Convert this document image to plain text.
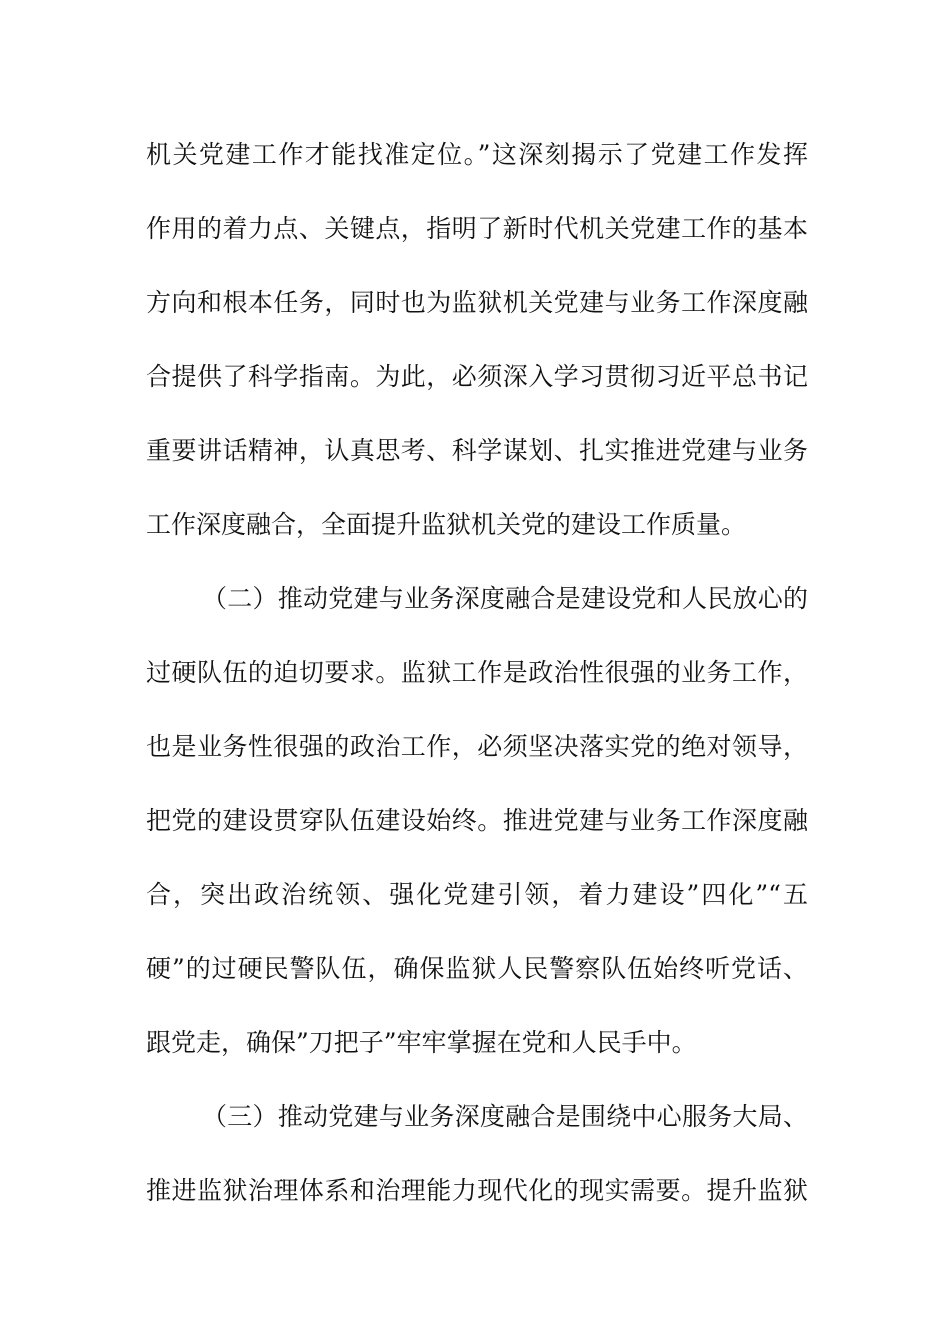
机关党建工作才能找准定位。”这深刻揭示了党建工作发挥
作用的着力点、关键点，指明了新时代机关党建工作的基本
方向和根本任务，同时也为监狱机关党建与业务工作深度融
合提供了科学指南。为此，必须深入学习贯彻习近平总书记
重要讲话精神，认真思考、科学谋划、扎实推进党建与业务
工作深度融合，全面提升监狱机关党的建设工作质量。
（二）推动党建与业务深度融合是建设党和人民放心的
过硬队伍的迫切要求。监狱工作是政治性很强的业务工作，
也是业务性很强的政治工作，必须坚决落实党的绝对领导，
把党的建设贯穿队伍建设始终。推进党建与业务工作深度融
合，突出政治统领、强化党建引领，着力建设”四化”“五
硬”的过硬民警队伍，确保监狱人民警察队伍始终听党话、
跟党走，确保”刀把子”牢牢掌握在党和人民手中。
（三）推动党建与业务深度融合是围绕中心服务大局、
推进监狱治理体系和治理能力现代化的现实需要。提升监狱
